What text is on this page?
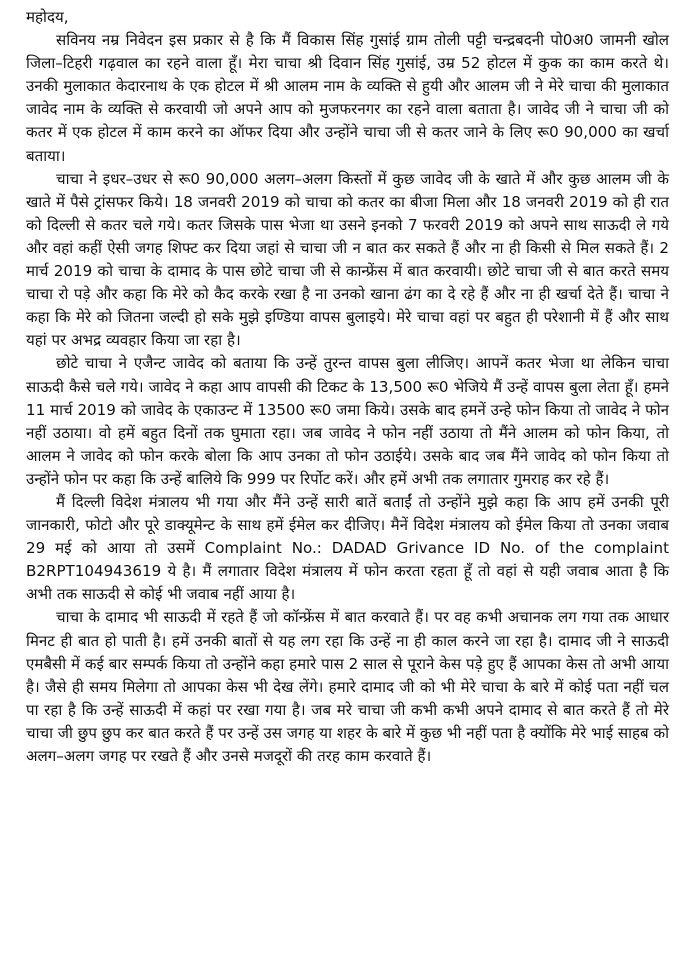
महोदय,
सविनय नम्र निवेदन इस प्रकार से है कि मैं विकास सिंह गुसांई ग्राम तोली पट्टी चन्द्रबदनी पो0अ0 जामनी खोल जिला–टिहरी गढ़वाल का रहने वाला हूँ। मेरा चाचा श्री दिवान सिंह गुसांई, उम्र 52 होटल में कुक का काम करते थे। उनकी मुलाकात केदारनाथ के एक होटल में श्री आलम नाम के व्यक्ति से हुयी और आलम जी ने मेरे चाचा की मुलाकात जावेद नाम के व्यक्ति से करवायी जो अपने आप को मुजफरनगर का रहने वाला बताता है। जावेद जी ने चाचा जी को कतर में एक होटल में काम करने का ऑफर दिया और उन्होंने चाचा जी से कतर जाने के लिए रू0 90,000 का खर्चा बताया।
चाचा ने इधर–उधर से रू0 90,000 अलग–अलग किस्तों में कुछ जावेद जी के खाते में और कुछ आलम जी के खाते में पैसे ट्रांसफर किये। 18 जनवरी 2019 को चाचा को कतर का बीजा मिला और 18 जनवरी 2019 को ही रात को दिल्ली से कतर चले गये। कतर जिसके पास भेजा था उसने इनको 7 फरवरी 2019 को अपने साथ साऊदी ले गये और वहां कहीं ऐसी जगह शिफ्ट कर दिया जहां से चाचा जी न बात कर सकते हैं और ना ही किसी से मिल सकते हैं। 2 मार्च 2019 को चाचा के दामाद के पास छोटे चाचा जी से कान्फ्रेंस में बात करवायी। छोटे चाचा जी से बात करते समय चाचा रो पड़े और कहा कि मेरे को कैद करके रखा है ना उनको खाना ढंग का दे रहे हैं और ना ही खर्चा देते हैं। चाचा ने कहा कि मेरे को जितना जल्दी हो सके मुझे इण्डिया वापस बुलाइये। मेरे चाचा वहां पर बहुत ही परेशानी में हैं और साथ यहां पर अभद्र व्यवहार किया जा रहा है।
छोटे चाचा ने एजैन्ट जावेद को बताया कि उन्हें तुरन्त वापस बुला लीजिए। आपनें कतर भेजा था लेकिन चाचा साऊदी कैसे चले गये। जावेद ने कहा आप वापसी की टिकट के 13,500 रू0 भेजिये मैं उन्हें वापस बुला लेता हूँ। हमने 11 मार्च 2019 को जावेद के एकाउन्ट में 13500 रू0 जमा किये। उसके बाद हमनें उन्हे फोन किया तो जावेद ने फोन नहीं उठाया। वो हमें बहुत दिनों तक घुमाता रहा। जब जावेद ने फोन नहीं उठाया तो मैंने आलम को फोन किया, तो आलम ने जावेद को फोन करके बोला कि आप उनका तो फोन उठाईये। उसके बाद जब मैंने जावेद को फोन किया तो उन्होंने फोन पर कहा कि उन्हें बालिये कि 999 पर रिर्पोट करें। और हमें अभी तक लगातार गुमराह कर रहे हैं।
मैं दिल्ली विदेश मंत्रालय भी गया और मैंने उन्हें सारी बातें बताईं तो उन्होंने मुझे कहा कि आप हमें उनकी पूरी जानकारी, फोटो और पूरे डाक्यूमेन्ट के साथ हमें ईमेल कर दीजिए। मैनें विदेश मंत्रालय को ईमेल किया तो उनका जवाब 29 मई को आया तो उसमें Complaint No.: DADAD Grivance ID No. of the complaint B2RPT104943619 ये है। मैं लगातार विदेश मंत्रालय में फोन करता रहता हूँ तो वहां से यही जवाब आता है कि अभी तक साऊदी से कोई भी जवाब नहीं आया है।
चाचा के दामाद भी साऊदी में रहते हैं जो कॉन्फ्रेंस में बात करवाते हैं। पर वह कभी अचानक लग गया तक आधार मिनट ही बात हो पाती है। हमें उनकी बातों से यह लग रहा कि उन्हें ना ही काल करने जा रहा है। दामाद जी ने साऊदी एमबैसी में कई बार सम्पर्क किया तो उन्होंने कहा हमारे पास 2 साल से पूराने केस पड़े हुए हैं आपका केस तो अभी आया है। जैसे ही समय मिलेगा तो आपका केस भी देख लेंगे। हमारे दामाद जी को भी मेरे चाचा के बारे में कोई पता नहीं चल पा रहा है कि उन्हें साऊदी में कहां पर रखा गया है। जब मरे चाचा जी कभी कभी अपने दामाद से बात करते हैं तो मेरे चाचा जी छुप छुप कर बात करते हैं पर उन्हें उस जगह या शहर के बारे में कुछ भी नहीं पता है क्योंकि मेरे भाई साहब को अलग–अलग जगह पर रखते हैं और उनसे मजदूरों की तरह काम करवाते हैं।
